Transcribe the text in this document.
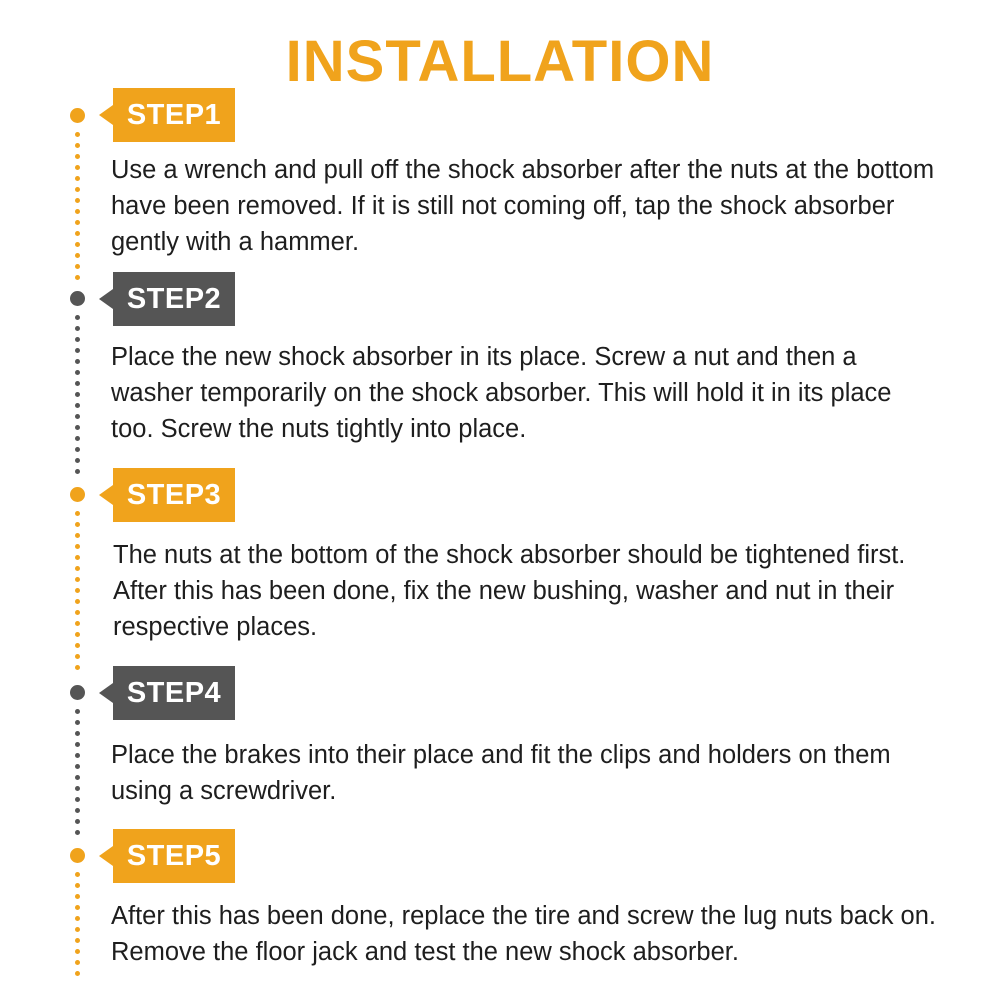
INSTALLATION
STEP1
Use a wrench and pull off the shock absorber after the nuts at the bottom have been removed. If it is still not coming off, tap the shock absorber gently with a hammer.
STEP2
Place the new shock absorber in its place. Screw a nut and then a washer temporarily on the shock absorber. This will hold it in its place too. Screw the nuts tightly into place.
STEP3
The nuts at the bottom of the shock absorber should be tightened first. After this has been done, fix the new bushing, washer and nut in their respective places.
STEP4
Place the brakes into their place and fit the clips and holders on them using a screwdriver.
STEP5
After this has been done, replace the tire and screw the lug nuts back on. Remove the floor jack and test the new shock absorber.
